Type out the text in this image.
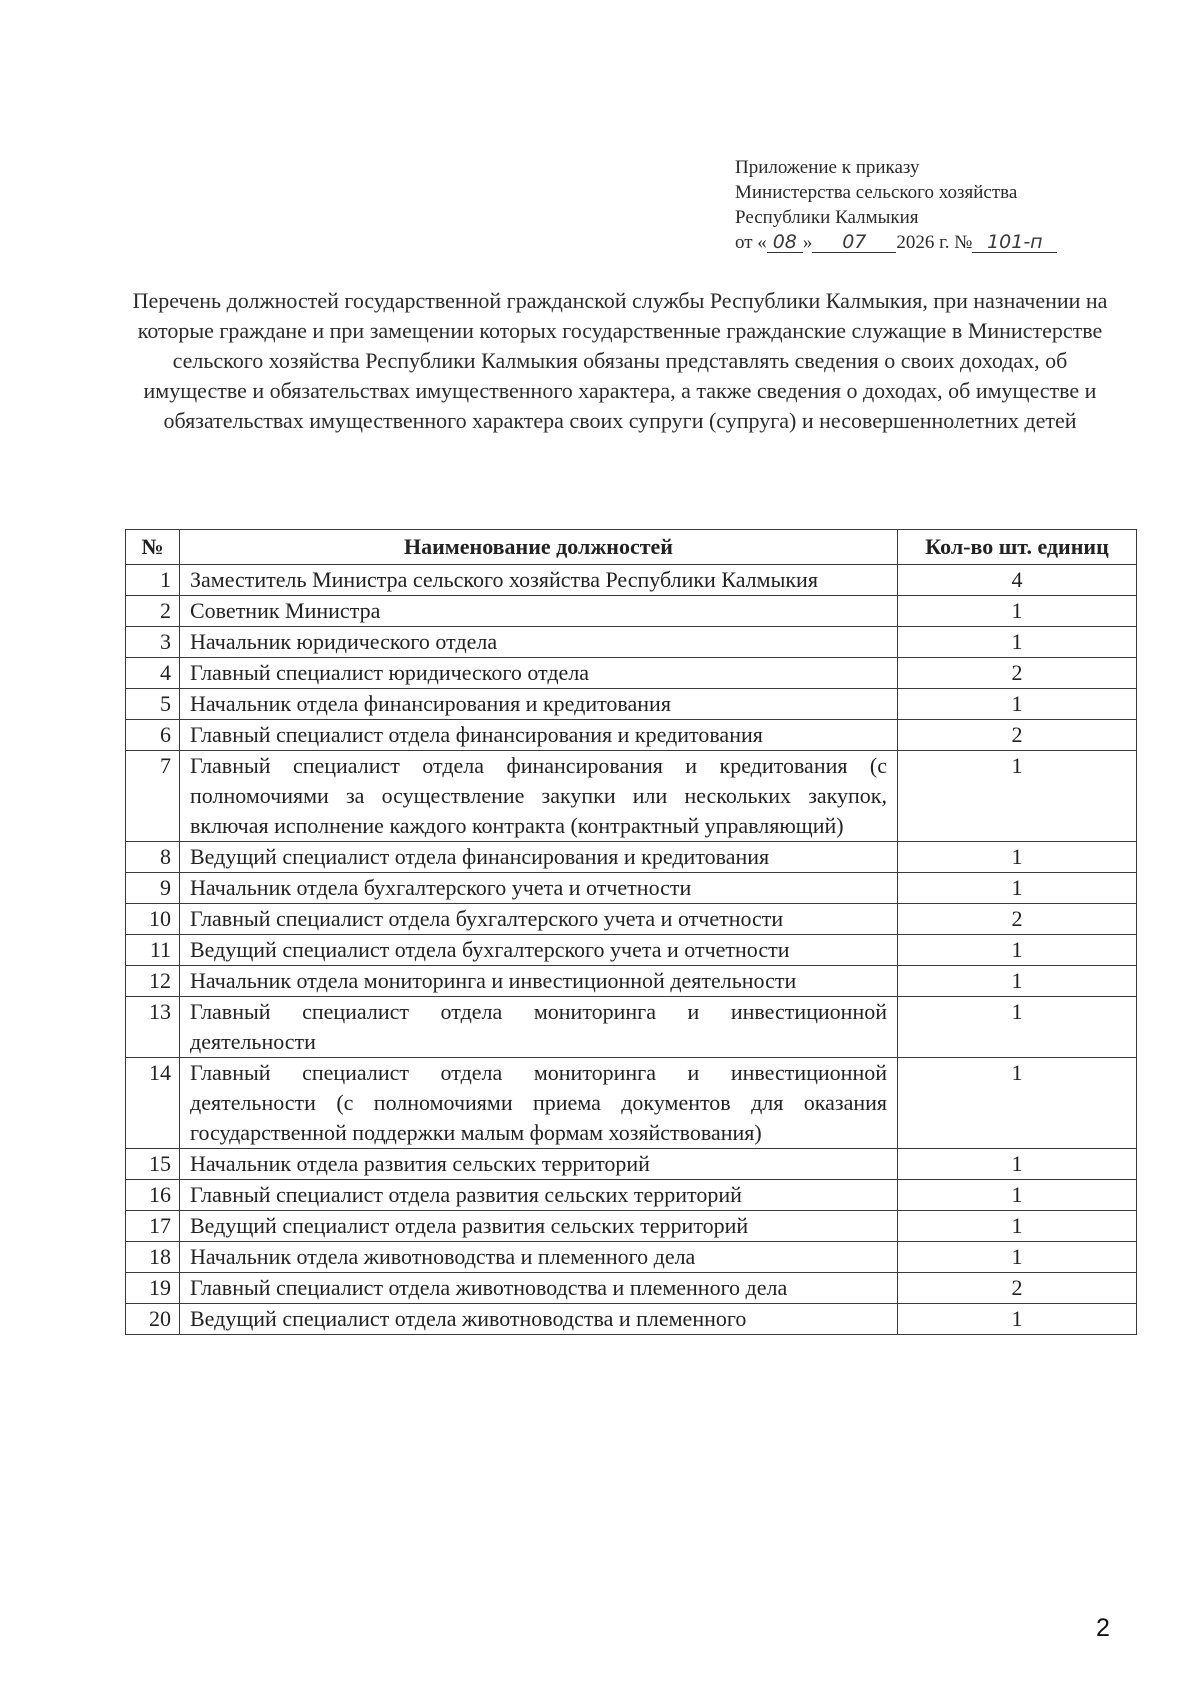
Приложение к приказу
Министерства сельского хозяйства
Республики Калмыкия
от « 08 » 07 2026 г. № 101-п
Перечень должностей государственной гражданской службы Республики Калмыкия, при назначении на которые граждане и при замещении которых государственные гражданские служащие в Министерстве сельского хозяйства Республики Калмыкия обязаны представлять сведения о своих доходах, об имуществе и обязательствах имущественного характера, а также сведения о доходах, об имуществе и обязательствах имущественного характера своих супруги (супруга) и несовершеннолетних детей
№	Наименование должностей	Кол-во шт. единиц
1	Заместитель Министра сельского хозяйства Республики Калмыкия	4
2	Советник Министра	1
3	Начальник юридического отдела	1
4	Главный специалист юридического отдела	2
5	Начальник отдела финансирования и кредитования	1
6	Главный специалист отдела финансирования и кредитования	2
7	Главный специалист отдела финансирования и кредитования (с полномочиями за осуществление закупки или нескольких закупок, включая исполнение каждого контракта (контрактный управляющий)	1
8	Ведущий специалист отдела финансирования и кредитования	1
9	Начальник отдела бухгалтерского учета и отчетности	1
10	Главный специалист отдела бухгалтерского учета и отчетности	2
11	Ведущий специалист отдела бухгалтерского учета и отчетности	1
12	Начальник отдела мониторинга и инвестиционной деятельности	1
13	Главный специалист отдела мониторинга и инвестиционной деятельности	1
14	Главный специалист отдела мониторинга и инвестиционной деятельности (с полномочиями приема документов для оказания государственной поддержки малым формам хозяйствования)	1
15	Начальник отдела развития сельских территорий	1
16	Главный специалист отдела развития сельских территорий	1
17	Ведущий специалист отдела развития сельских территорий	1
18	Начальник отдела животноводства и племенного дела	1
19	Главный специалист отдела животноводства и племенного дела	2
20	Ведущий специалист отдела животноводства и племенного	1
2
